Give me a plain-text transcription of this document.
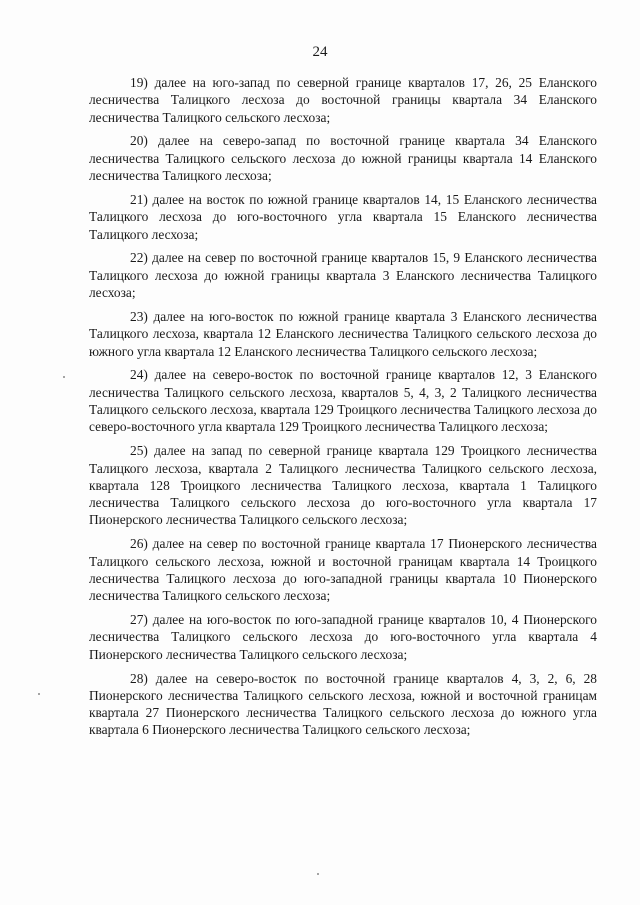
24

19) далее на юго-запад по северной границе кварталов 17, 26, 25 Еланского лесничества Талицкого лесхоза до восточной границы квартала 34 Еланского лесничества Талицкого сельского лесхоза;

20) далее на северо-запад по восточной границе квартала 34 Еланского лесничества Талицкого сельского лесхоза до южной границы квартала 14 Еланского лесничества Талицкого лесхоза;

21) далее на восток по южной границе кварталов 14, 15 Еланского лесничества Талицкого лесхоза до юго-восточного угла квартала 15 Еланского лесничества Талицкого лесхоза;

22) далее на север по восточной границе кварталов 15, 9 Еланского лесничества Талицкого лесхоза до южной границы квартала 3 Еланского лесничества Талицкого лесхоза;

23) далее на юго-восток по южной границе квартала 3 Еланского лесничества Талицкого лесхоза, квартала 12 Еланского лесничества Талицкого сельского лесхоза до южного угла квартала 12 Еланского лесничества Талицкого сельского лесхоза;

24) далее на северо-восток по восточной границе кварталов 12, 3 Еланского лесничества Талицкого сельского лесхоза, кварталов 5, 4, 3, 2 Талицкого лесничества Талицкого сельского лесхоза, квартала 129 Троицкого лесничества Талицкого лесхоза до северо-восточного угла квартала 129 Троицкого лесничества Талицкого лесхоза;

25) далее на запад по северной границе квартала 129 Троицкого лесничества Талицкого лесхоза, квартала 2 Талицкого лесничества Талицкого сельского лесхоза, квартала 128 Троицкого лесничества Талицкого лесхоза, квартала 1 Талицкого лесничества Талицкого сельского лесхоза до юго-восточного угла квартала 17 Пионерского лесничества Талицкого сельского лесхоза;

26) далее на север по восточной границе квартала 17 Пионерского лесничества Талицкого сельского лесхоза, южной и восточной границам квартала 14 Троицкого лесничества Талицкого лесхоза до юго-западной границы квартала 10 Пионерского лесничества Талицкого сельского лесхоза;

27) далее на юго-восток по юго-западной границе кварталов 10, 4 Пионерского лесничества Талицкого сельского лесхоза до юго-восточного угла квартала 4 Пионерского лесничества Талицкого сельского лесхоза;

28) далее на северо-восток по восточной границе кварталов 4, 3, 2, 6, 28 Пионерского лесничества Талицкого сельского лесхоза, южной и восточной границам квартала 27 Пионерского лесничества Талицкого сельского лесхоза до южного угла квартала 6 Пионерского лесничества Талицкого сельского лесхоза;
